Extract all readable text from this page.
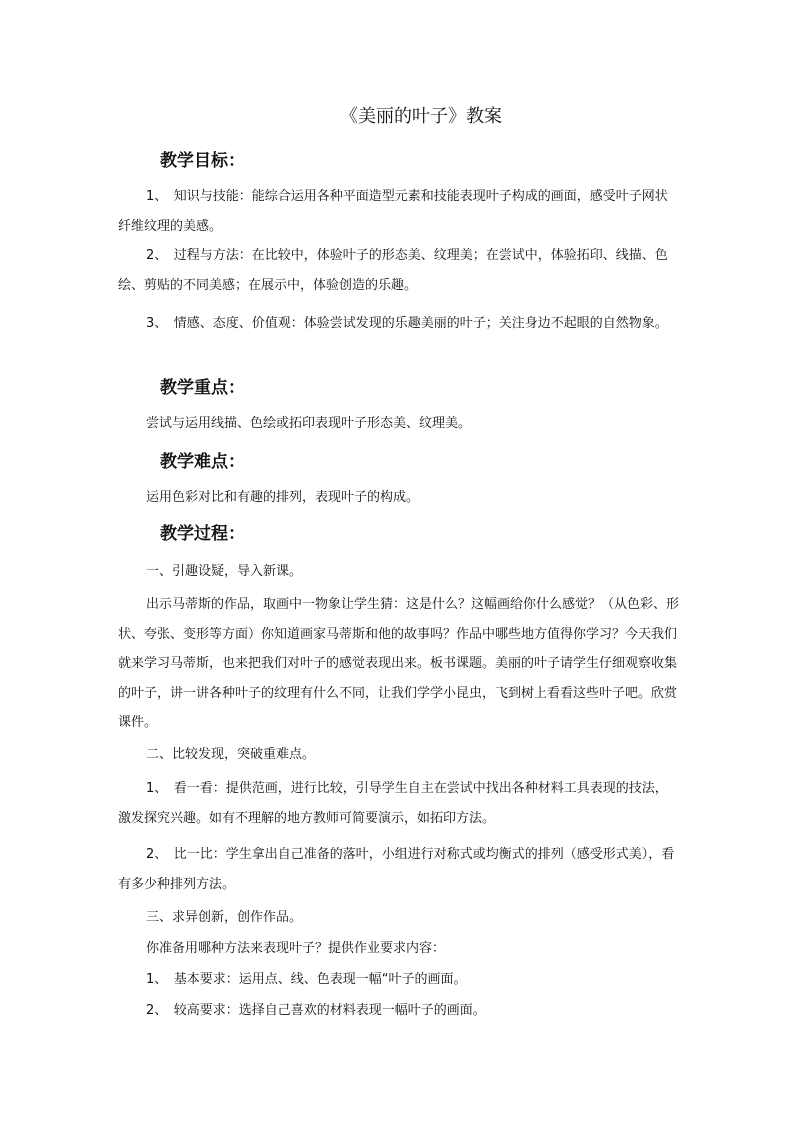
《美丽的叶子》教案
教学目标：
1、　知识与技能：能综合运用各种平面造型元素和技能表现叶子构成的画面，感受叶子网状纤维纹理的美感。
2、　过程与方法：在比较中，体验叶子的形态美、纹理美；在尝试中，体验拓印、线描、色绘、剪贴的不同美感；在展示中，体验创造的乐趣。
3、　情感、态度、价值观：体验尝试发现的乐趣美丽的叶子；关注身边不起眼的自然物象。
教学重点：
尝试与运用线描、色绘或拓印表现叶子形态美、纹理美。
教学难点：
运用色彩对比和有趣的排列，表现叶子的构成。
教学过程：
一、引趣设疑，导入新课。
出示马蒂斯的作品，取画中一物象让学生猜：这是什么？这幅画给你什么感觉？（从色彩、形状、夸张、变形等方面）你知道画家马蒂斯和他的故事吗？作品中哪些地方值得你学习？今天我们就来学习马蒂斯，也来把我们对叶子的感觉表现出来。板书课题。美丽的叶子请学生仔细观察收集的叶子，讲一讲各种叶子的纹理有什么不同，让我们学学小昆虫，飞到树上看看这些叶子吧。欣赏课件。
二、比较发现，突破重难点。
1、　看一看：提供范画，进行比较，引导学生自主在尝试中找出各种材料工具表现的技法，激发探究兴趣。如有不理解的地方教师可简要演示，如拓印方法。
2、　比一比：学生拿出自己准备的落叶，小组进行对称式或均衡式的排列（感受形式美），看有多少种排列方法。
三、求异创新，创作作品。
你准备用哪种方法来表现叶子？提供作业要求内容：
1、　基本要求：运用点、线、色表现一幅“叶子的画面。
2、　较高要求：选择自己喜欢的材料表现一幅叶子的画面。
